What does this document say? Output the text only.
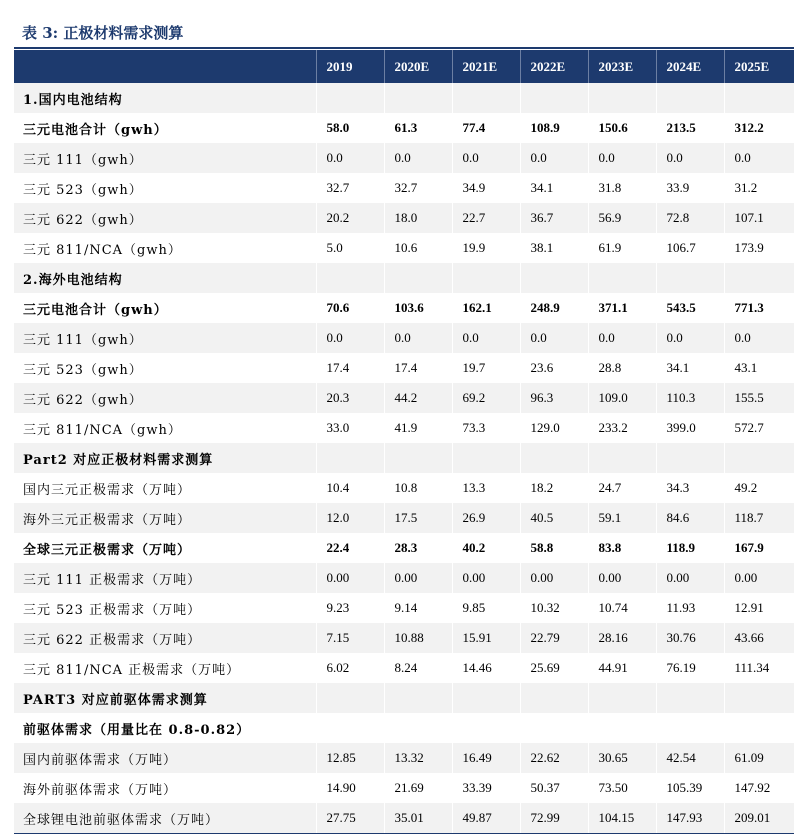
表 3: 正极材料需求测算
	2019	2020E	2021E	2022E	2023E	2024E	2025E
1.国内电池结构							
三元电池合计（gwh）	58.0	61.3	77.4	108.9	150.6	213.5	312.2
三元 111（gwh）	0.0	0.0	0.0	0.0	0.0	0.0	0.0
三元 523（gwh）	32.7	32.7	34.9	34.1	31.8	33.9	31.2
三元 622（gwh）	20.2	18.0	22.7	36.7	56.9	72.8	107.1
三元 811/NCA（gwh）	5.0	10.6	19.9	38.1	61.9	106.7	173.9
2.海外电池结构							
三元电池合计（gwh）	70.6	103.6	162.1	248.9	371.1	543.5	771.3
三元 111（gwh）	0.0	0.0	0.0	0.0	0.0	0.0	0.0
三元 523（gwh）	17.4	17.4	19.7	23.6	28.8	34.1	43.1
三元 622（gwh）	20.3	44.2	69.2	96.3	109.0	110.3	155.5
三元 811/NCA（gwh）	33.0	41.9	73.3	129.0	233.2	399.0	572.7
Part2 对应正极材料需求测算							
国内三元正极需求（万吨）	10.4	10.8	13.3	18.2	24.7	34.3	49.2
海外三元正极需求（万吨）	12.0	17.5	26.9	40.5	59.1	84.6	118.7
全球三元正极需求（万吨）	22.4	28.3	40.2	58.8	83.8	118.9	167.9
三元 111 正极需求（万吨）	0.00	0.00	0.00	0.00	0.00	0.00	0.00
三元 523 正极需求（万吨）	9.23	9.14	9.85	10.32	10.74	11.93	12.91
三元 622 正极需求（万吨）	7.15	10.88	15.91	22.79	28.16	30.76	43.66
三元 811/NCA 正极需求（万吨）	6.02	8.24	14.46	25.69	44.91	76.19	111.34
PART3 对应前驱体需求测算							
前驱体需求（用量比在 0.8-0.82）							
国内前驱体需求（万吨）	12.85	13.32	16.49	22.62	30.65	42.54	61.09
海外前驱体需求（万吨）	14.90	21.69	33.39	50.37	73.50	105.39	147.92
全球锂电池前驱体需求（万吨）	27.75	35.01	49.87	72.99	104.15	147.93	209.01
